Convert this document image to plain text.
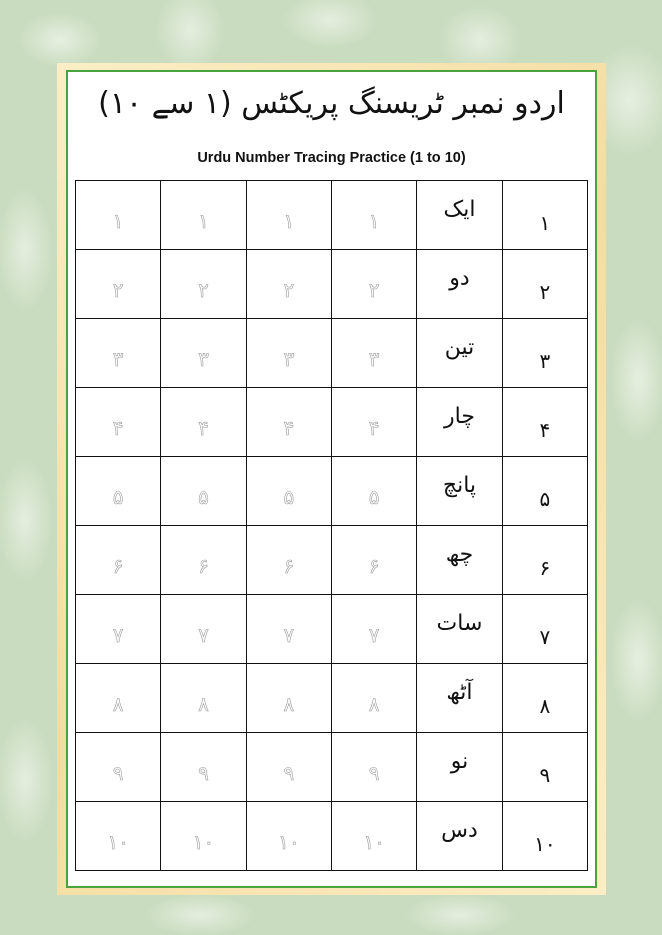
اردو نمبر ٹریسنگ پریکٹس (۱ سے ۱۰)
Urdu Number Tracing Practice (1 to 10)
۱	۱	۱	۱	ایک	۱
۲	۲	۲	۲	دو	۲
۳	۳	۳	۳	تین	۳
۴	۴	۴	۴	چار	۴
۵	۵	۵	۵	پانچ	۵
۶	۶	۶	۶	چھ	۶
۷	۷	۷	۷	سات	۷
۸	۸	۸	۸	آٹھ	۸
۹	۹	۹	۹	نو	۹
۱۰	۱۰	۱۰	۱۰	دس	۱۰
